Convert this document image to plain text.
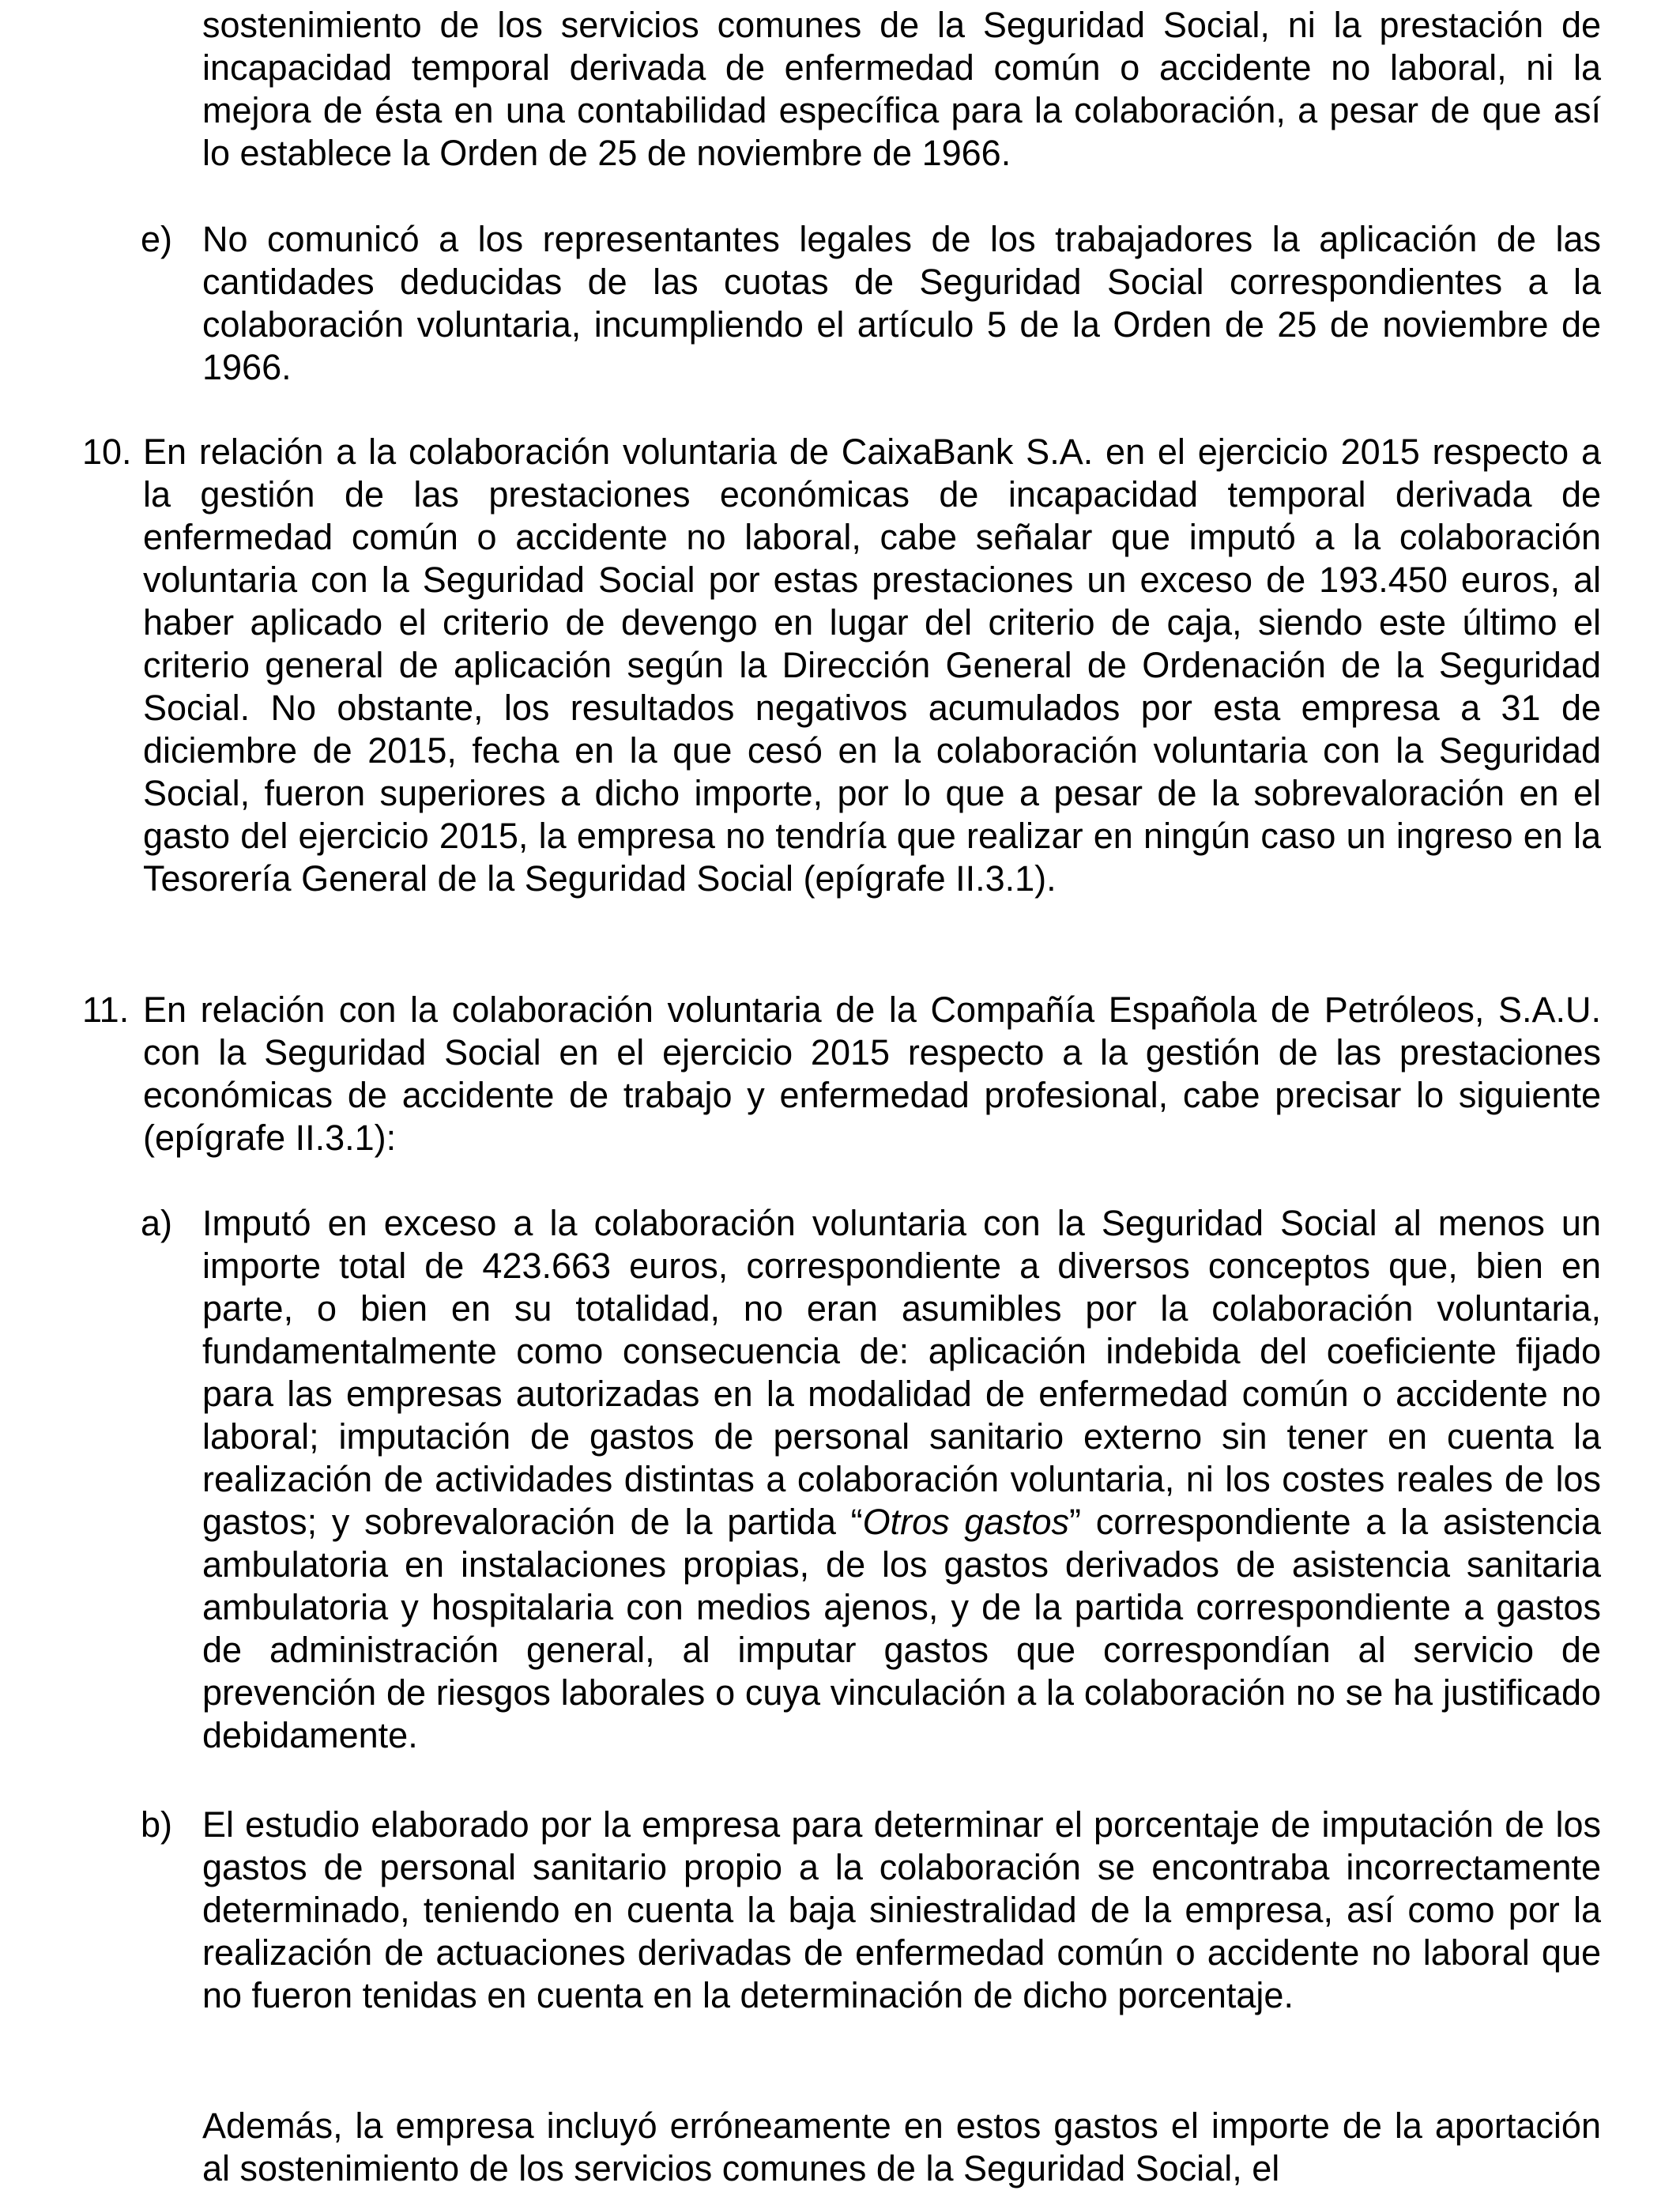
sostenimiento de los servicios comunes de la Seguridad Social, ni la prestación de incapacidad temporal derivada de enfermedad común o accidente no laboral, ni la mejora de ésta en una contabilidad específica para la colaboración, a pesar de que así lo establece la Orden de 25 de noviembre de 1966.

e) No comunicó a los representantes legales de los trabajadores la aplicación de las cantidades deducidas de las cuotas de Seguridad Social correspondientes a la colaboración voluntaria, incumpliendo el artículo 5 de la Orden de 25 de noviembre de 1966.

10. En relación a la colaboración voluntaria de CaixaBank S.A. en el ejercicio 2015 respecto a la gestión de las prestaciones económicas de incapacidad temporal derivada de enfermedad común o accidente no laboral, cabe señalar que imputó a la colaboración voluntaria con la Seguridad Social por estas prestaciones un exceso de 193.450 euros, al haber aplicado el criterio de devengo en lugar del criterio de caja, siendo este último el criterio general de aplicación según la Dirección General de Ordenación de la Seguridad Social. No obstante, los resultados negativos acumulados por esta empresa a 31 de diciembre de 2015, fecha en la que cesó en la colaboración voluntaria con la Seguridad Social, fueron superiores a dicho importe, por lo que a pesar de la sobrevaloración en el gasto del ejercicio 2015, la empresa no tendría que realizar en ningún caso un ingreso en la Tesorería General de la Seguridad Social (epígrafe II.3.1).

11. En relación con la colaboración voluntaria de la Compañía Española de Petróleos, S.A.U. con la Seguridad Social en el ejercicio 2015 respecto a la gestión de las prestaciones económicas de accidente de trabajo y enfermedad profesional, cabe precisar lo siguiente (epígrafe II.3.1):

a) Imputó en exceso a la colaboración voluntaria con la Seguridad Social al menos un importe total de 423.663 euros, correspondiente a diversos conceptos que, bien en parte, o bien en su totalidad, no eran asumibles por la colaboración voluntaria, fundamentalmente como consecuencia de: aplicación indebida del coeficiente fijado para las empresas autorizadas en la modalidad de enfermedad común o accidente no laboral; imputación de gastos de personal sanitario externo sin tener en cuenta la realización de actividades distintas a colaboración voluntaria, ni los costes reales de los gastos; y sobrevaloración de la partida “Otros gastos” correspondiente a la asistencia ambulatoria en instalaciones propias, de los gastos derivados de asistencia sanitaria ambulatoria y hospitalaria con medios ajenos, y de la partida correspondiente a gastos de administración general, al imputar gastos que correspondían al servicio de prevención de riesgos laborales o cuya vinculación a la colaboración no se ha justificado debidamente.

b) El estudio elaborado por la empresa para determinar el porcentaje de imputación de los gastos de personal sanitario propio a la colaboración se encontraba incorrectamente determinado, teniendo en cuenta la baja siniestralidad de la empresa, así como por la realización de actuaciones derivadas de enfermedad común o accidente no laboral que no fueron tenidas en cuenta en la determinación de dicho porcentaje.

Además, la empresa incluyó erróneamente en estos gastos el importe de la aportación al sostenimiento de los servicios comunes de la Seguridad Social, el
